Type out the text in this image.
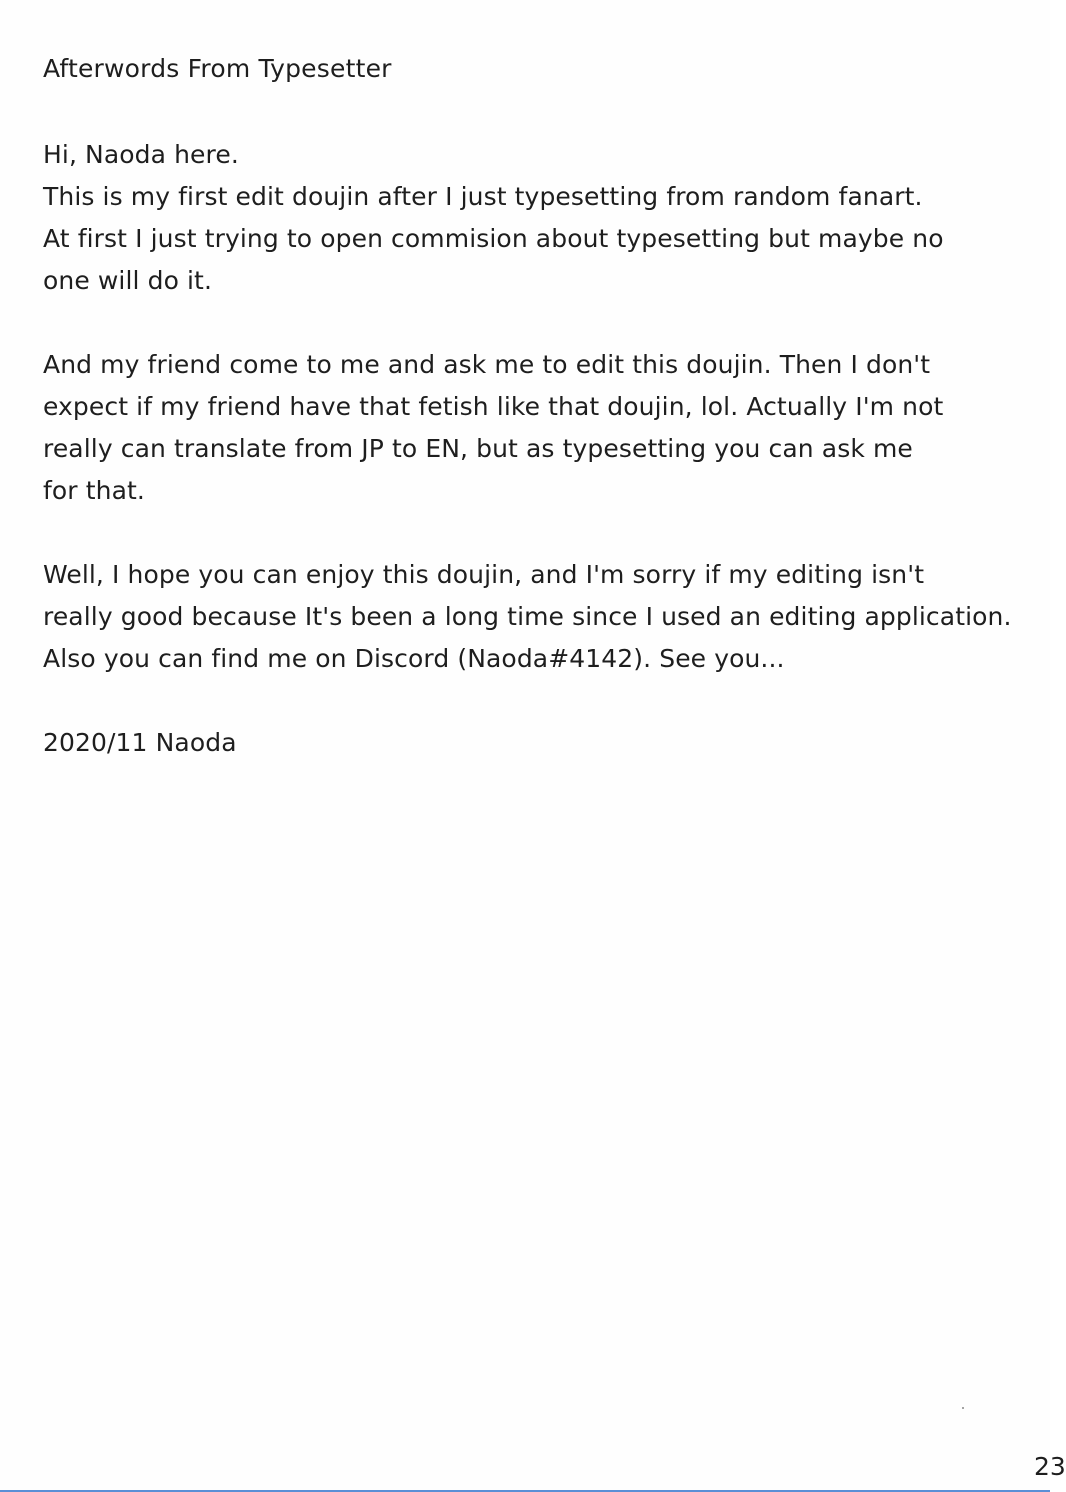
Afterwords From Typesetter
Hi, Naoda here.
This is my first edit doujin after I just typesetting from random fanart.
At first I just trying to open commision about typesetting but maybe no
one will do it.
And my friend come to me and ask me to edit this doujin. Then I don't
expect if my friend have that fetish like that doujin, lol. Actually I'm not
really can translate from JP to EN, but as typesetting you can ask me
for that.
Well, I hope you can enjoy this doujin, and I'm sorry if my editing isn't
really good because It's been a long time since I used an editing application.
Also you can find me on Discord (Naoda#4142). See you...
2020/11 Naoda
23
